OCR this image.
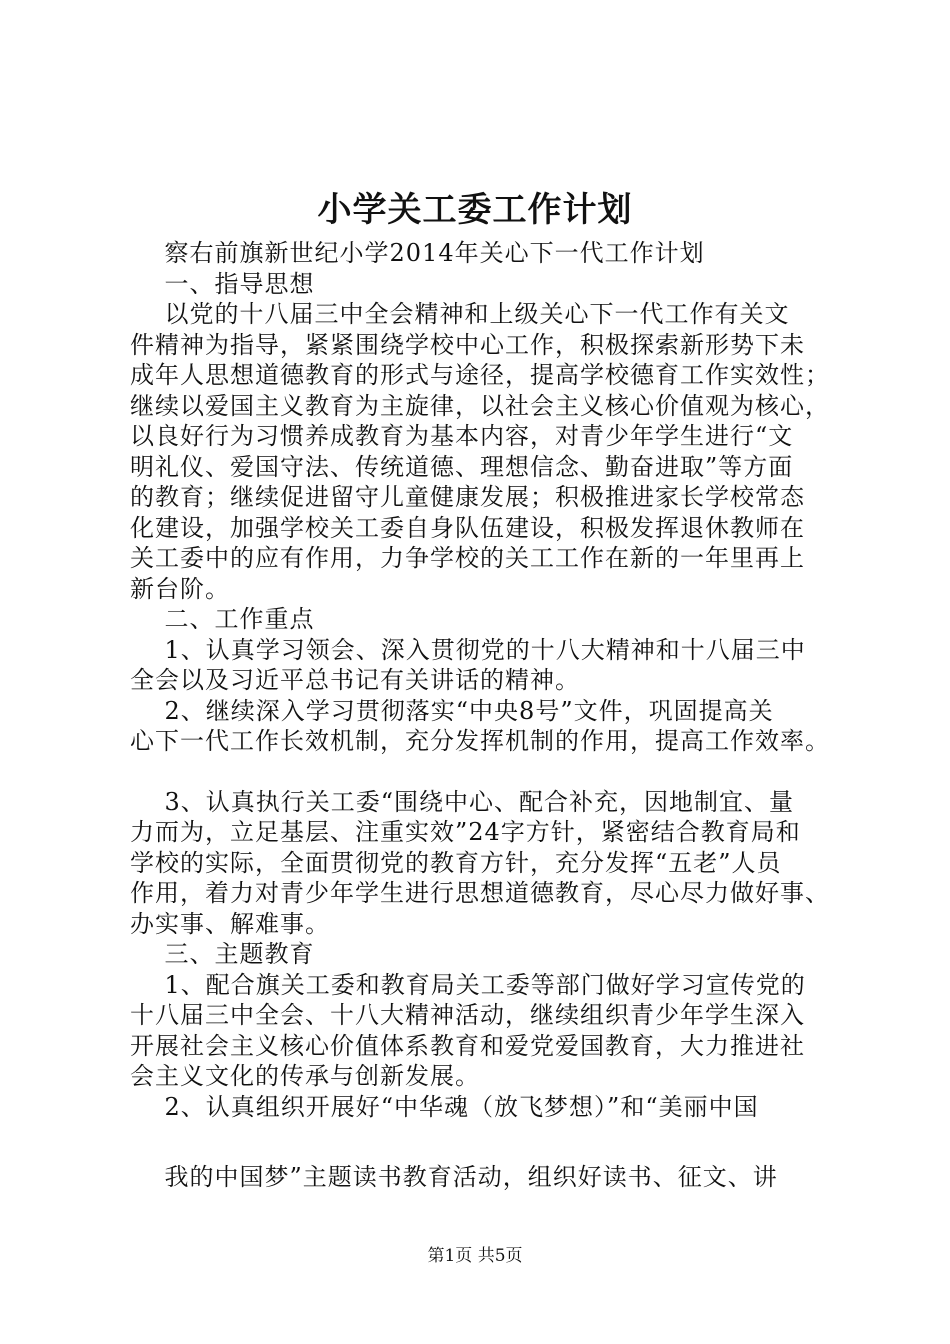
小学关工委工作计划
察右前旗新世纪小学2014年关心下一代工作计划
一、指导思想
以党的十八届三中全会精神和上级关心下一代工作有关文
件精神为指导，紧紧围绕学校中心工作，积极探索新形势下未
成年人思想道德教育的形式与途径，提高学校德育工作实效性；
继续以爱国主义教育为主旋律，以社会主义核心价值观为核心，
以良好行为习惯养成教育为基本内容，对青少年学生进行“文
明礼仪、爱国守法、传统道德、理想信念、勤奋进取”等方面
的教育；继续促进留守儿童健康发展；积极推进家长学校常态
化建设，加强学校关工委自身队伍建设，积极发挥退休教师在
关工委中的应有作用，力争学校的关工工作在新的一年里再上
新台阶。
二、工作重点
1、认真学习领会、深入贯彻党的十八大精神和十八届三中
全会以及习近平总书记有关讲话的精神。
2、继续深入学习贯彻落实“中央8号”文件，巩固提高关
心下一代工作长效机制，充分发挥机制的作用，提高工作效率。
3、认真执行关工委“围绕中心、配合补充，因地制宜、量
力而为，立足基层、注重实效”24字方针，紧密结合教育局和
学校的实际，全面贯彻党的教育方针，充分发挥“五老”人员
作用，着力对青少年学生进行思想道德教育，尽心尽力做好事、
办实事、解难事。
三、主题教育
1、配合旗关工委和教育局关工委等部门做好学习宣传党的
十八届三中全会、十八大精神活动，继续组织青少年学生深入
开展社会主义核心价值体系教育和爱党爱国教育，大力推进社
会主义文化的传承与创新发展。
2、认真组织开展好“中华魂（放飞梦想）”和“美丽中国
我的中国梦”主题读书教育活动，组织好读书、征文、讲
第1页 共5页
